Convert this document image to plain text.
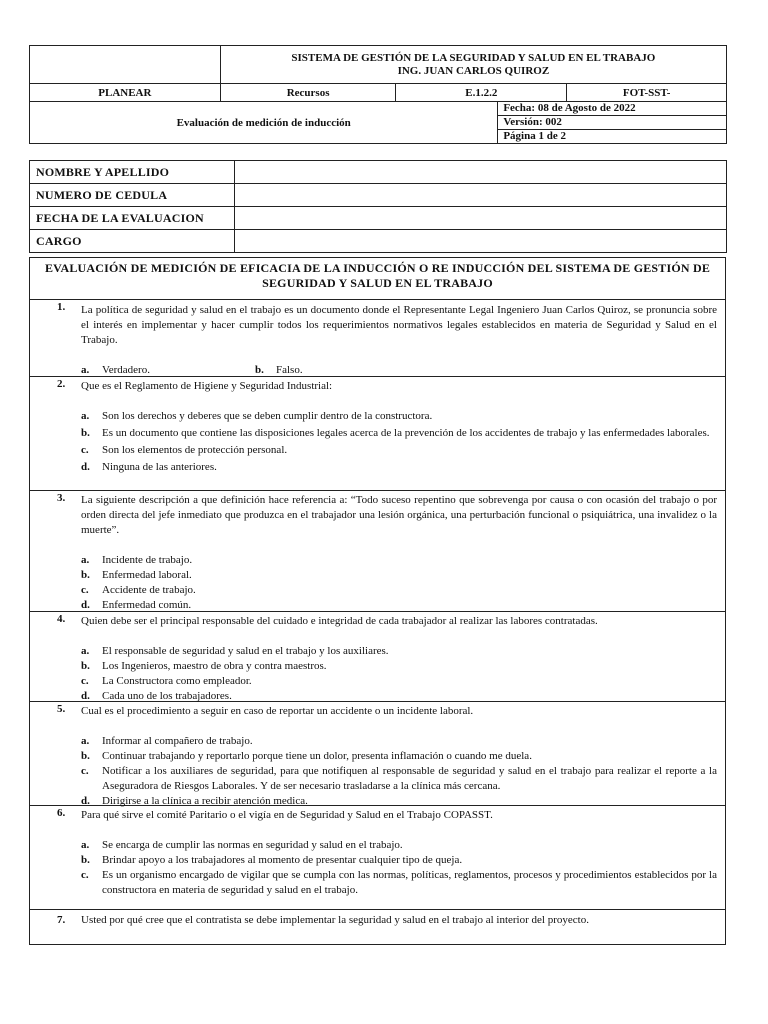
	SISTEMA DE GESTIÓN DE LA SEGURIDAD Y SALUD EN EL TRABAJO
ING. JUAN CARLOS QUIROZ			

PLANEAR	Recursos	E.1.2.2		FOT-SST-
Evaluación de medición de inducción			Fecha: 08 de Agosto de 2022	
			Versión: 002	
			Página 1 de 2	
NOMBRE Y APELLIDO	
NUMERO DE CEDULA	
FECHA DE LA EVALUACION	
CARGO	
EVALUACIÓN DE MEDICIÓN DE EFICACIA DE LA INDUCCIÓN O RE INDUCCIÓN DEL SISTEMA DE GESTIÓN DE SEGURIDAD Y SALUD EN EL TRABAJO
1.	La política de seguridad y salud en el trabajo es un documento donde el Representante Legal Ingeniero Juan Carlos Quiroz, se pronuncia sobre el interés en implementar y hacer cumplir todos los requerimientos normativos legales establecidos en materia de Seguridad y Salud en el Trabajo.
a. Verdadero.	b. Falso.
2.	Que es el Reglamento de Higiene y Seguridad Industrial:
a. Son los derechos y deberes que se deben cumplir dentro de la constructora.
b. Es un documento que contiene las disposiciones legales acerca de la prevención de los accidentes de trabajo y las enfermedades laborales.
c. Son los elementos de protección personal.
d. Ninguna de las anteriores.
3.	La siguiente descripción a que definición hace referencia a: “Todo suceso repentino que sobrevenga por causa o con ocasión del trabajo o por orden directa del jefe inmediato que produzca en el trabajador una lesión orgánica, una perturbación funcional o psiquiátrica, una invalidez o la muerte”.
a. Incidente de trabajo.
b. Enfermedad laboral.
c. Accidente de trabajo.
d. Enfermedad común.
4.	Quien debe ser el principal responsable del cuidado e integridad de cada trabajador al realizar las labores contratadas.
a. El responsable de seguridad y salud en el trabajo y los auxiliares.
b. Los Ingenieros, maestro de obra y contra maestros.
c. La Constructora como empleador.
d. Cada uno de los trabajadores.
5.	Cual es el procedimiento a seguir en caso de reportar un accidente o un incidente laboral.
a. Informar al compañero de trabajo.
b. Continuar trabajando y reportarlo porque tiene un dolor, presenta inflamación o cuando me duela.
c. Notificar a los auxiliares de seguridad, para que notifiquen al responsable de seguridad y salud en el trabajo para realizar el reporte a la Aseguradora de Riesgos Laborales. Y de ser necesario trasladarse a la clínica más cercana.
d. Dirigirse a la clínica a recibir atención medica.
6.	Para qué sirve el comité Paritario o el vigía en de Seguridad y Salud en el Trabajo COPASST.
a. Se encarga de cumplir las normas en seguridad y salud en el trabajo.
b. Brindar apoyo a los trabajadores al momento de presentar cualquier tipo de queja.
c. Es un organismo encargado de vigilar que se cumpla con las normas, políticas, reglamentos, procesos y procedimientos establecidos por la constructora en materia de seguridad y salud en el trabajo.
7.	Usted por qué cree que el contratista se debe implementar la seguridad y salud en el trabajo al interior del proyecto.
